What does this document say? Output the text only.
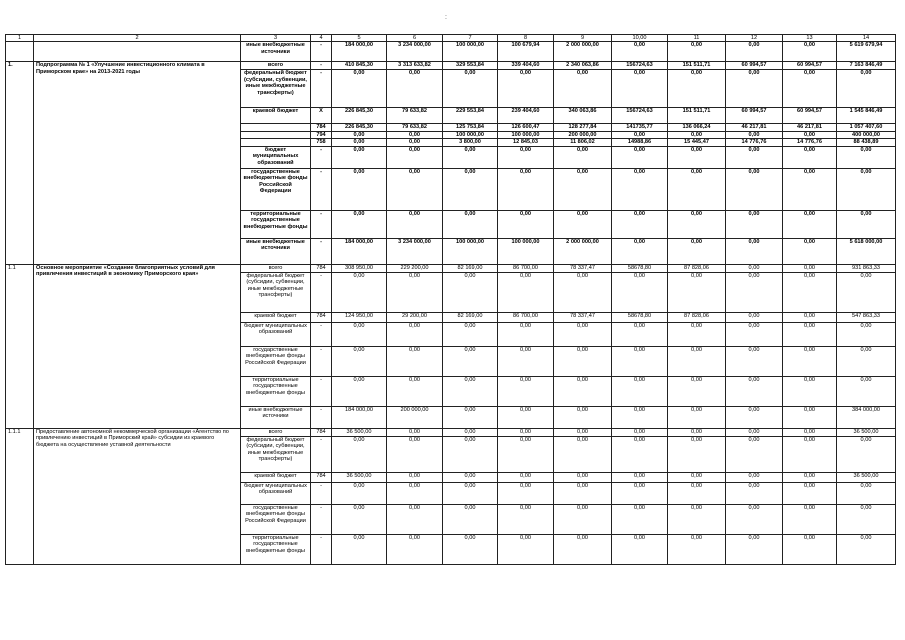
:
1	2	3	4	5	6	7	8	9	10,00	11	12	13	14
		иные внебюджетные источники	-	184 000,00	3 234 000,00	100 000,00	100 679,94	2 000 000,00	0,00	0,00	0,00	0,00	5 619 679,94
1.	Подпрограмма № 1 «Улучшение инвестиционного климата в Приморском крае» на 2013-2021 годы	всего	-	410 845,30	3 313 633,82	329 553,84	339 404,60	2 340 063,86	156724,63	151 511,71	60 994,57	60 994,57	7 163 846,49
		федеральный бюджет (субсидии, субвенции, иные межбюджетные трансферты)	-	0,00	0,00	0,00	0,00	0,00	0,00	0,00	0,00	0,00	0,00
		краевой бюджет	X	226 845,30	79 633,82	229 553,84	239 404,60	340 063,86	156724,63	151 511,71	60 994,57	60 994,57	1 545 846,49
			784	226 845,30	79 633,82	125 753,84	126 600,47	128 277,84	141735,77	136 066,24	46 217,81	46 217,81	1 057 407,60
			794	0,00	0,00	100 000,00	100 000,00	200 000,00	0,00	0,00	0,00	0,00	400 000,00
			758	0,00	0,00	3 800,00	12 845,03	11 806,02	14988,86	15 445,47	14 776,76	14 776,76	88 438,89
		бюджет муниципальных образований	-	0,00	0,00	0,00	0,00	0,00	0,00	0,00	0,00	0,00	0,00
		государственные внебюджетные фонды Российской Федерации	-	0,00	0,00	0,00	0,00	0,00	0,00	0,00	0,00	0,00	0,00
		территориальные государственные внебюджетные фонды	-	0,00	0,00	0,00	0,00	0,00	0,00	0,00	0,00	0,00	0,00
		иные внебюджетные источники	-	184 000,00	3 234 000,00	100 000,00	100 000,00	2 000 000,00	0,00	0,00	0,00	0,00	5 618 000,00
1.1	Основное мероприятие «Создание благоприятных условий для привлечения инвестиций в экономику Приморского края»	всего	784	308 950,00	229 200,00	82 169,00	86 700,00	78 337,47	58678,80	87 828,06	0,00	0,00	931 863,33
		федеральный бюджет (субсидии, субвенции, иные межбюджетные трансферты)	-	0,00	0,00	0,00	0,00	0,00	0,00	0,00	0,00	0,00	0,00
		краевой бюджет	784	124 950,00	29 200,00	82 169,00	86 700,00	78 337,47	58678,80	87 828,06	0,00	0,00	547 863,33
		бюджет муниципальных образований	-	0,00	0,00	0,00	0,00	0,00	0,00	0,00	0,00	0,00	0,00
		государственные внебюджетные фонды Российской Федерации	-	0,00	0,00	0,00	0,00	0,00	0,00	0,00	0,00	0,00	0,00
		территориальные государственные внебюджетные фонды	-	0,00	0,00	0,00	0,00	0,00	0,00	0,00	0,00	0,00	0,00
		иные внебюджетные источники	-	184 000,00	200 000,00	0,00	0,00	0,00	0,00	0,00	0,00	0,00	384 000,00
1.1.1	Предоставление автономной некоммерческой организации «Агентство по привлечению инвестиций в Приморский край» субсидии из краевого бюджета на осуществление уставной деятельности	всего	784	36 500,00	0,00	0,00	0,00	0,00	0,00	0,00	0,00	0,00	36 500,00
		федеральный бюджет (субсидии, субвенции, иные межбюджетные трансферты)	-	0,00	0,00	0,00	0,00	0,00	0,00	0,00	0,00	0,00	0,00
		краевой бюджет	784	36 500,00	0,00	0,00	0,00	0,00	0,00	0,00	0,00	0,00	36 500,00
		бюджет муниципальных образований	-	0,00	0,00	0,00	0,00	0,00	0,00	0,00	0,00	0,00	0,00
		государственные внебюджетные фонды Российской Федерации	-	0,00	0,00	0,00	0,00	0,00	0,00	0,00	0,00	0,00	0,00
		территориальные государственные внебюджетные фонды	-	0,00	0,00	0,00	0,00	0,00	0,00	0,00	0,00	0,00	0,00
